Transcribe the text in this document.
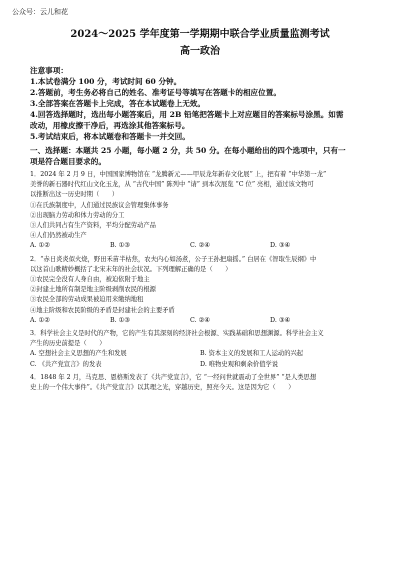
公众号：云儿和花
2024～2025 学年度第一学期期中联合学业质量监测考试
高一政治
注意事项：
1.本试卷满分 100 分，考试时间 60 分钟。
2.答题前，考生务必将自己的姓名、准考证号等填写在答题卡的相应位置。
3.全部答案在答题卡上完成，答在本试题卷上无效。
4.回答选择题时，选出每小题答案后，用 2B 铅笔把答题卡上对应题目的答案标号涂黑。如需
改动，用橡皮擦干净后，再选涂其他答案标号。
5.考试结束后，将本试题卷和答题卡一并交回。
一、选择题：本题共 25 小题，每小题 2 分，共 50 分。在每小题给出的四个选项中，只有一
项是符合题目要求的。
1．2024 年 2 月 9 日，中国国家博物馆在 “龙腾新元——甲辰龙年新春文化展” 上，把有着 “中华第一龙”
美誉的新石器时代红山文化玉龙，从 “古代中国” 陈列中 “请” 到本次展览 “C 位” 亮相，通过该文物可
以推断出这一历史时期（　　）
①在氏族制度中，人们通过民族议会管理集体事务
②出现脑力劳动和体力劳动的分工
③人们共同占有生产资料，平均分配劳动产品
④人们仍然被动生产
A. ①②	B. ①③	C. ②④	D. ③④
2．“赤日炎炎似火烧，野田禾苗半枯焦，农夫内心如汤煮，公子王孙把扇摇。” 白居在《智取生辰纲》中
以这首山歌精妙概括了北宋末年的社会状况。下列理解正确的是（　　）
①农民完全没有人身自由，被迫依附于地主
②封建土地所有制是地主阶级剥削农民的根源
③农民全部的劳动成果被迫用来缴纳地租
④地主阶级和农民阶级的矛盾是封建社会的主要矛盾
A. ①②	B. ①③	C. ②④	D. ③④
3．科学社会主义是时代的产物，它的产生有其深刻的经济社会根源、实践基础和思想渊源。科学社会主义
产生的历史前提是（　　）
A. 空想社会主义思想的产生和发展	B. 资本主义的发展和工人运动的兴起
C. 《共产党宣言》的发表	D. 唯物史观和剩余价值学说
4．1848 年 2 月，马克思、恩格斯发表了《共产党宣言》，它 “一经问世就震动了全世界” “是人类思想
史上的一个伟大事件”。《共产党宣言》以其理之光，穿越历史，照亮今天。这是因为它（　　）
